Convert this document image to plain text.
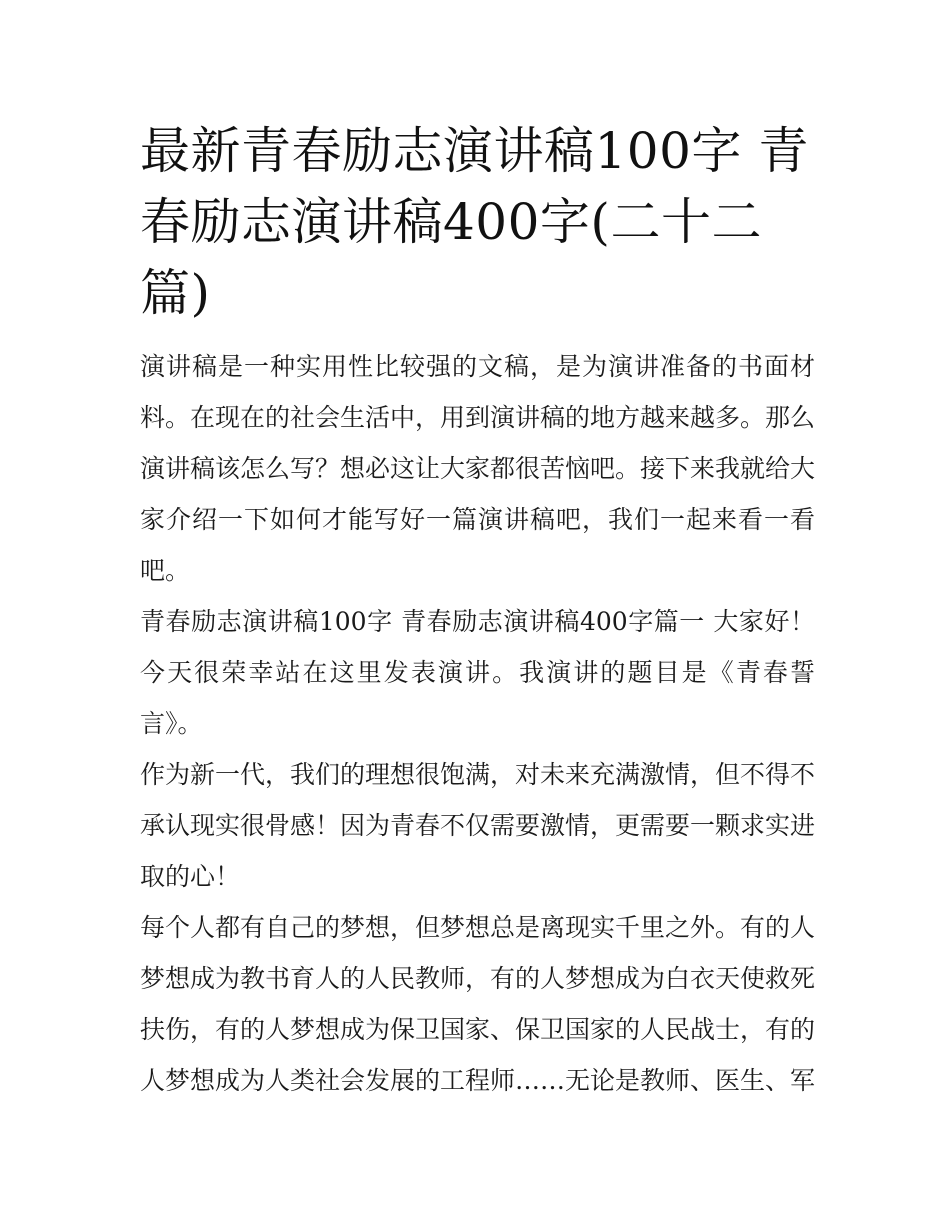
最新青春励志演讲稿100字 青春励志演讲稿400字(二十二篇)

演讲稿是一种实用性比较强的文稿，是为演讲准备的书面材料。在现在的社会生活中，用到演讲稿的地方越来越多。那么演讲稿该怎么写？想必这让大家都很苦恼吧。接下来我就给大家介绍一下如何才能写好一篇演讲稿吧，我们一起来看一看吧。

青春励志演讲稿100字 青春励志演讲稿400字篇一 大家好！今天很荣幸站在这里发表演讲。我演讲的题目是《青春誓言》。

作为新一代，我们的理想很饱满，对未来充满激情，但不得不承认现实很骨感！因为青春不仅需要激情，更需要一颗求实进取的心！

每个人都有自己的梦想，但梦想总是离现实千里之外。有的人梦想成为教书育人的人民教师，有的人梦想成为白衣天使救死扶伤，有的人梦想成为保卫国家、保卫国家的人民战士，有的人梦想成为人类社会发展的工程师……无论是教师、医生、军
